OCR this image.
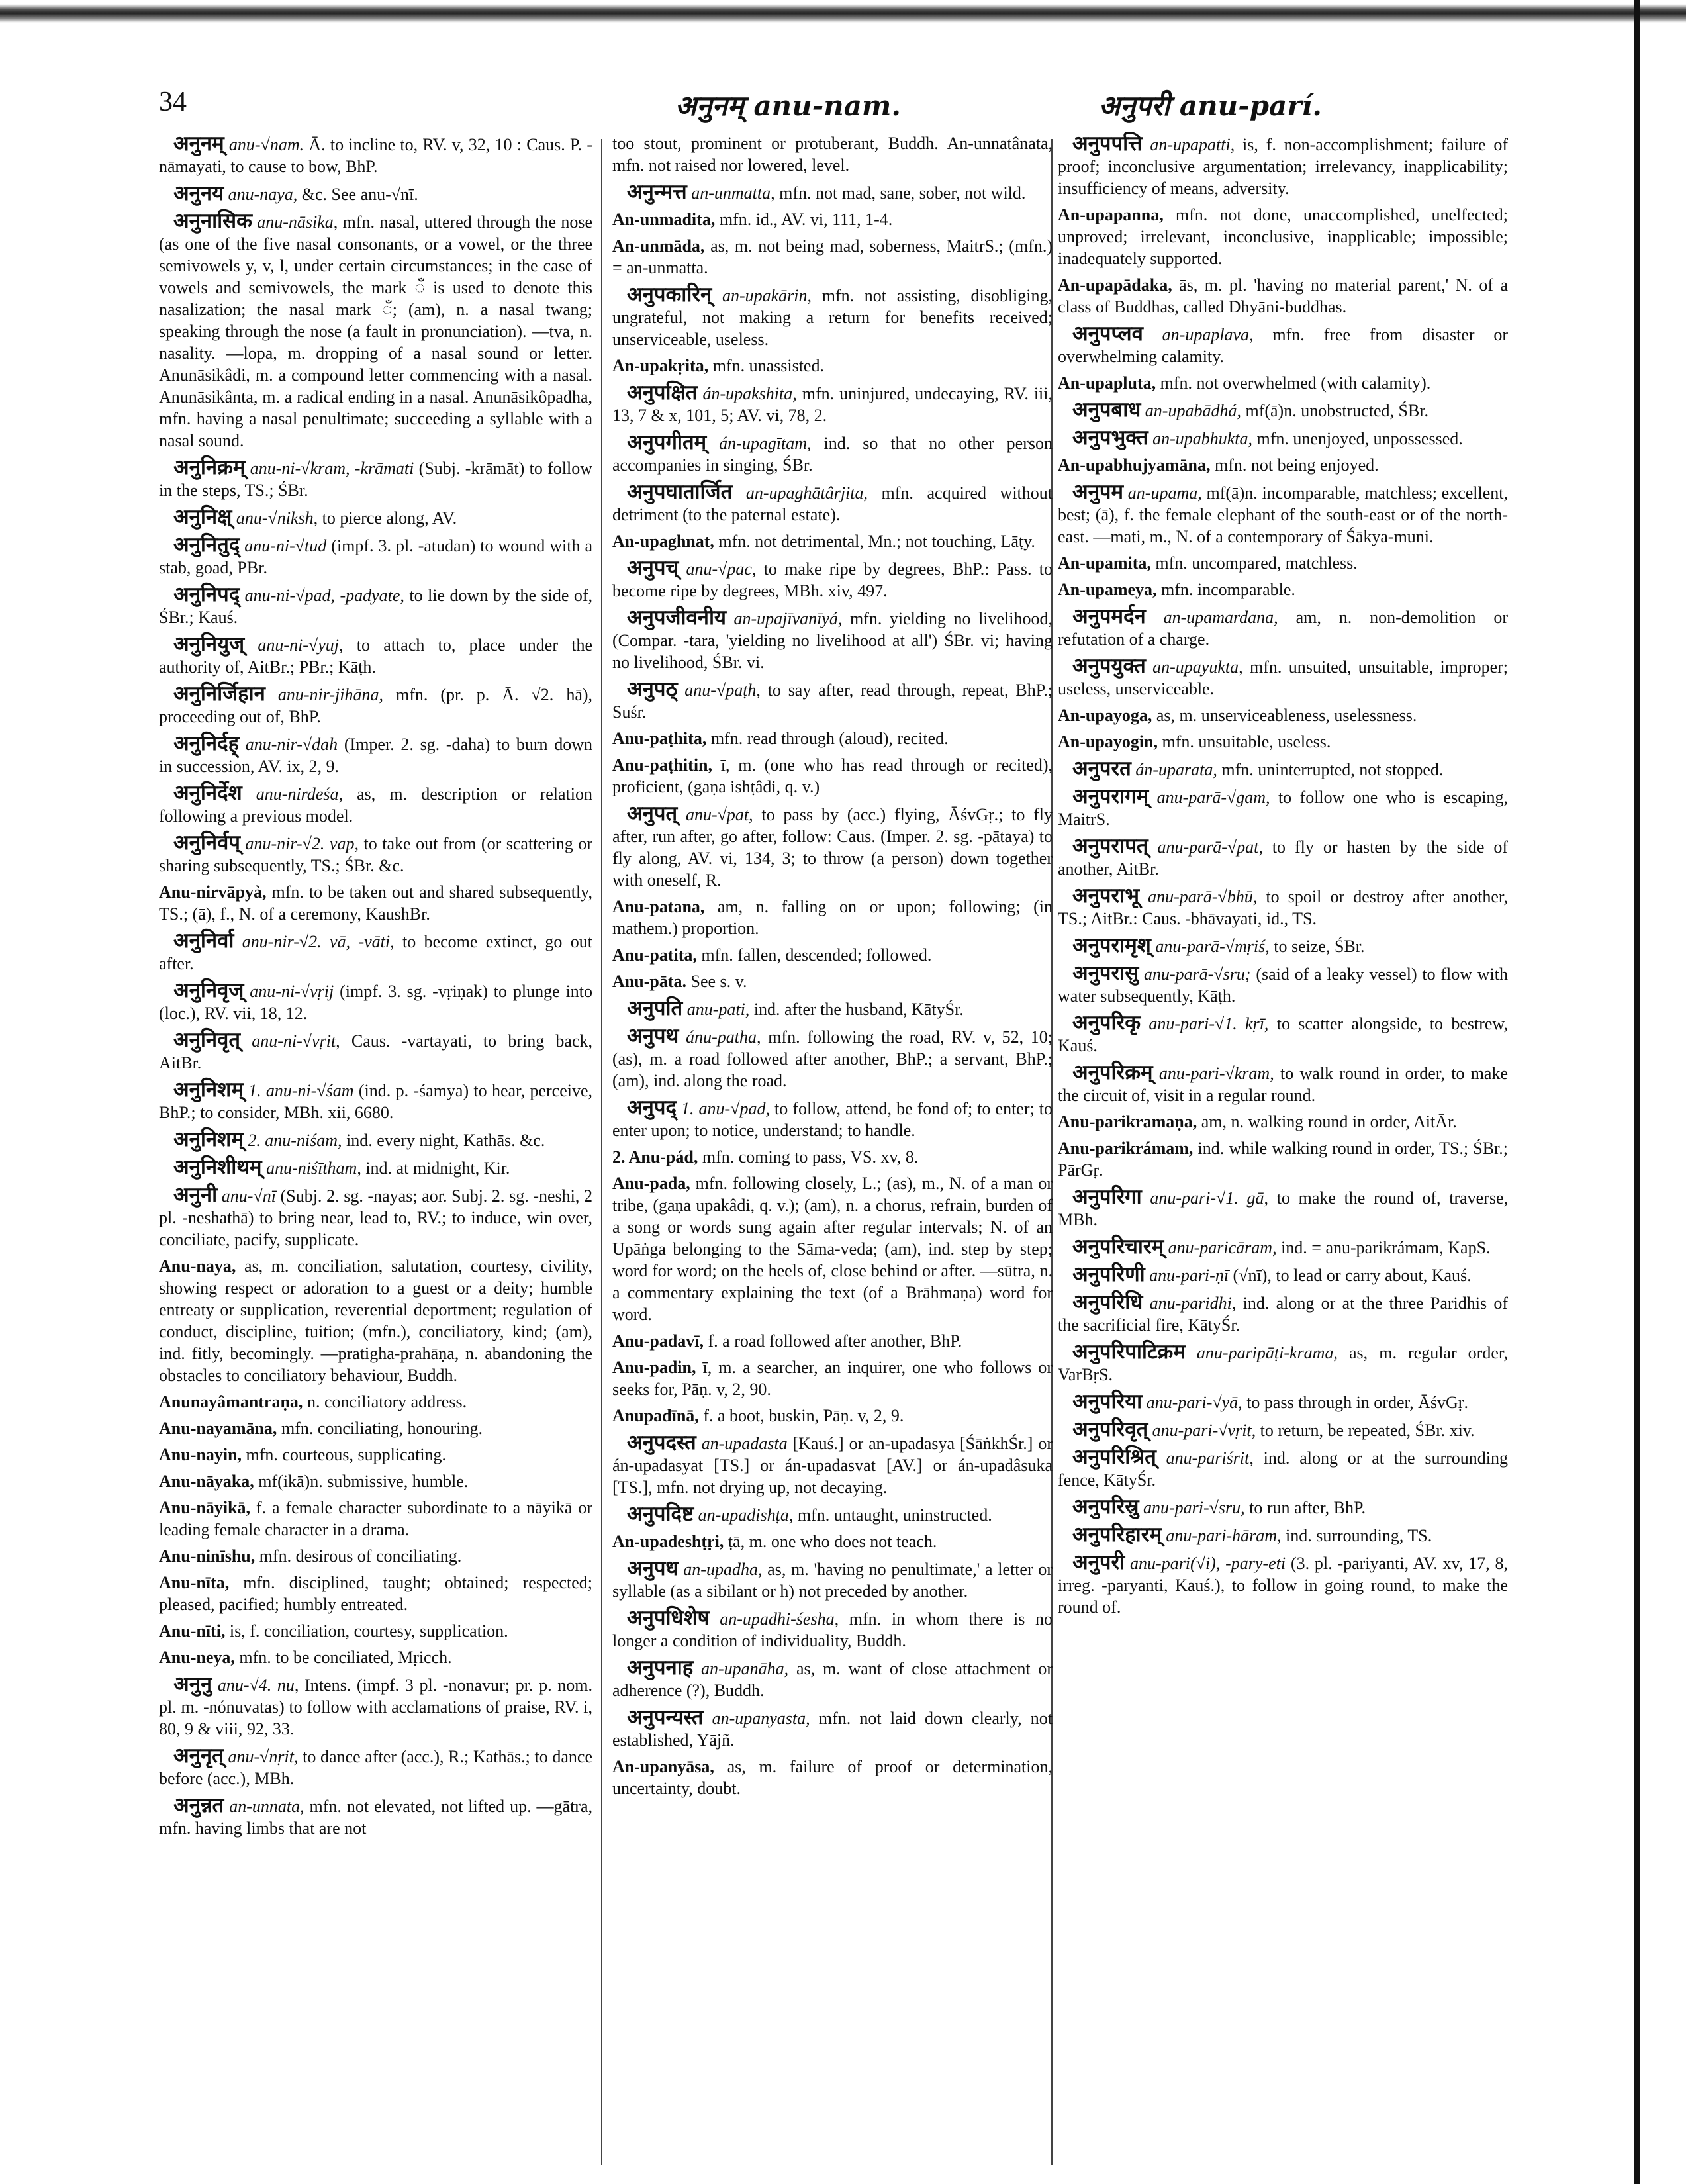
34	अनुनम् anu-nam.	अनुपरी anu-parí.

अनुनम् anu-√nam. Ā. to incline to, RV. v, 32, 10 : Caus. P. -nāmayati, to cause to bow, BhP.

अनुनय anu-naya, &c. See anu-√nī.

अनुनासिक anu-nāsika, mfn. nasal, uttered through the nose (as one of the five nasal consonants, or a vowel, or the three semivowels y, v, l, under certain circumstances; in the case of vowels and semivowels, the mark ँ is used to denote this nasalization; the nasal mark ँ; (am), n. a nasal twang; speaking through the nose (a fault in pronunciation). —tva, n. nasality. —lopa, m. dropping of a nasal sound or letter. Anunāsikâdi, m. a compound letter commencing with a nasal. Anunāsikânta, m. a radical ending in a nasal. Anunāsikôpadha, mfn. having a nasal penultimate; succeeding a syllable with a nasal sound.

अनुनिक्रम् anu-ni-√kram, -krāmati (Subj. -krāmāt) to follow in the steps, TS.; ŚBr.

अनुनिक्ष् anu-√niksh, to pierce along, AV.

अनुनितुद् anu-ni-√tud (impf. 3. pl. -atudan) to wound with a stab, goad, PBr.

अनुनिपद् anu-ni-√pad, -padyate, to lie down by the side of, ŚBr.; Kauś.

अनुनियुज् anu-ni-√yuj, to attach to, place under the authority of, AitBr.; PBr.; Kāṭh.

अनुनिर्जिहान anu-nir-jihāna, mfn. (pr. p. Ā. √2. hā), proceeding out of, BhP.

अनुनिर्दह् anu-nir-√dah (Imper. 2. sg. -daha) to burn down in succession, AV. ix, 2, 9.

अनुनिर्देश anu-nirdeśa, as, m. description or relation following a previous model.

अनुनिर्वप् anu-nir-√2. vap, to take out from (or scattering or sharing subsequently, TS.; ŚBr. &c.

Anu-nirvāpyà, mfn. to be taken out and shared subsequently, TS.; (ā), f., N. of a ceremony, KaushBr.

अनुनिर्वा anu-nir-√2. vā, -vāti, to become extinct, go out after.

अनुनिवृज् anu-ni-√vṛij (impf. 3. sg. -vṛiṇak) to plunge into (loc.), RV. vii, 18, 12.

अनुनिवृत् anu-ni-√vṛit, Caus. -vartayati, to bring back, AitBr.

अनुनिशम् 1. anu-ni-√śam (ind. p. -śamya) to hear, perceive, BhP.; to consider, MBh. xii, 6680.

अनुनिशम् 2. anu-niśam, ind. every night, Kathās. &c.

अनुनिशीथम् anu-niśītham, ind. at midnight, Kir.

अनुनी anu-√nī (Subj. 2. sg. -nayas; aor. Subj. 2. sg. -neshi, 2 pl. -neshathā) to bring near, lead to, RV.; to induce, win over, conciliate, pacify, supplicate.

Anu-naya, as, m. conciliation, salutation, courtesy, civility, showing respect or adoration to a guest or a deity; humble entreaty or supplication, reverential deportment; regulation of conduct, discipline, tuition; (mfn.), conciliatory, kind; (am), ind. fitly, becomingly. —pratigha-prahāṇa, n. abandoning the obstacles to conciliatory behaviour, Buddh.

Anunayâmantraṇa, n. conciliatory address.

Anu-nayamāna, mfn. conciliating, honouring.

Anu-nayin, mfn. courteous, supplicating.

Anu-nāyaka, mf(ikā)n. submissive, humble.

Anu-nāyikā, f. a female character subordinate to a nāyikā or leading female character in a drama.

Anu-ninīshu, mfn. desirous of conciliating.

Anu-nīta, mfn. disciplined, taught; obtained; respected; pleased, pacified; humbly entreated.

Anu-nīti, is, f. conciliation, courtesy, supplication.

Anu-neya, mfn. to be conciliated, Mṛicch.

अनुनु anu-√4. nu, Intens. (impf. 3 pl. -nonavur; pr. p. nom. pl. m. -nónuvatas) to follow with acclamations of praise, RV. i, 80, 9 & viii, 92, 33.

अनुनृत् anu-√nṛit, to dance after (acc.), R.; Kathās.; to dance before (acc.), MBh.

अनुन्नत an-unnata, mfn. not elevated, not lifted up. —gātra, mfn. having limbs that are not

too stout, prominent or protuberant, Buddh. An-unnatânata, mfn. not raised nor lowered, level.

अनुन्मत्त an-unmatta, mfn. not mad, sane, sober, not wild.

An-unmadita, mfn. id., AV. vi, 111, 1-4.

An-unmāda, as, m. not being mad, soberness, MaitrS.; (mfn.) = an-unmatta.

अनुपकारिन् an-upakārin, mfn. not assisting, disobliging, ungrateful, not making a return for benefits received; unserviceable, useless.

An-upakṛita, mfn. unassisted.

अनुपक्षित án-upakshita, mfn. uninjured, undecaying, RV. iii, 13, 7 & x, 101, 5; AV. vi, 78, 2.

अनुपगीतम् án-upagītam, ind. so that no other person accompanies in singing, ŚBr.

अनुपघातार्जित an-upaghātârjita, mfn. acquired without detriment (to the paternal estate).

An-upaghnat, mfn. not detrimental, Mn.; not touching, Lāṭy.

अनुपच् anu-√pac, to make ripe by degrees, BhP.: Pass. to become ripe by degrees, MBh. xiv, 497.

अनुपजीवनीय an-upajīvanīyá, mfn. yielding no livelihood, (Compar. -tara, 'yielding no livelihood at all') ŚBr. vi; having no livelihood, ŚBr. vi.

अनुपठ् anu-√paṭh, to say after, read through, repeat, BhP.; Suśr.

Anu-paṭhita, mfn. read through (aloud), recited.

Anu-paṭhitin, ī, m. (one who has read through or recited), proficient, (gaṇa ishṭâdi, q. v.)

अनुपत् anu-√pat, to pass by (acc.) flying, ĀśvGṛ.; to fly after, run after, go after, follow: Caus. (Imper. 2. sg. -pātaya) to fly along, AV. vi, 134, 3; to throw (a person) down together with oneself, R.

Anu-patana, am, n. falling on or upon; following; (in mathem.) proportion.

Anu-patita, mfn. fallen, descended; followed.

Anu-pāta. See s. v.

अनुपति anu-pati, ind. after the husband, KātyŚr.

अनुपथ ánu-patha, mfn. following the road, RV. v, 52, 10; (as), m. a road followed after another, BhP.; a servant, BhP.; (am), ind. along the road.

अनुपद् 1. anu-√pad, to follow, attend, be fond of; to enter; to enter upon; to notice, understand; to handle.

2. Anu-pád, mfn. coming to pass, VS. xv, 8.

Anu-pada, mfn. following closely, L.; (as), m., N. of a man or tribe, (gaṇa upakâdi, q. v.); (am), n. a chorus, refrain, burden of a song or words sung again after regular intervals; N. of an Upāṅga belonging to the Sāma-veda; (am), ind. step by step; word for word; on the heels of, close behind or after. —sūtra, n. a commentary explaining the text (of a Brāhmaṇa) word for word.

Anu-padavī, f. a road followed after another, BhP.

Anu-padin, ī, m. a searcher, an inquirer, one who follows or seeks for, Pāṇ. v, 2, 90.

Anupadīnā, f. a boot, buskin, Pāṇ. v, 2, 9.

अनुपदस्त an-upadasta [Kauś.] or an-upadasya [ŚāṅkhŚr.] or án-upadasyat [TS.] or án-upadasvat [AV.] or án-upadâsuka [TS.], mfn. not drying up, not decaying.

अनुपदिष्ट an-upadishṭa, mfn. untaught, uninstructed.

An-upadeshṭṛi, ṭā, m. one who does not teach.

अनुपध an-upadha, as, m. 'having no penultimate,' a letter or syllable (as a sibilant or h) not preceded by another.

अनुपधिशेष an-upadhi-śesha, mfn. in whom there is no longer a condition of individuality, Buddh.

अनुपनाह an-upanāha, as, m. want of close attachment or adherence (?), Buddh.

अनुपन्यस्त an-upanyasta, mfn. not laid down clearly, not established, Yājñ.

An-upanyāsa, as, m. failure of proof or determination, uncertainty, doubt.

अनुपपत्ति an-upapatti, is, f. non-accomplishment; failure of proof; inconclusive argumentation; irrelevancy, inapplicability; insufficiency of means, adversity.

An-upapanna, mfn. not done, unaccomplished, unelfected; unproved; irrelevant, inconclusive, inapplicable; impossible; inadequately supported.

An-upapādaka, ās, m. pl. 'having no material parent,' N. of a class of Buddhas, called Dhyāni-buddhas.

अनुपप्लव an-upaplava, mfn. free from disaster or overwhelming calamity.

An-upapluta, mfn. not overwhelmed (with calamity).

अनुपबाध an-upabādhá, mf(ā)n. unobstructed, ŚBr.

अनुपभुक्त an-upabhukta, mfn. unenjoyed, unpossessed.

An-upabhujyamāna, mfn. not being enjoyed.

अनुपम an-upama, mf(ā)n. incomparable, matchless; excellent, best; (ā), f. the female elephant of the south-east or of the north-east. —mati, m., N. of a contemporary of Śākya-muni.

An-upamita, mfn. uncompared, matchless.

An-upameya, mfn. incomparable.

अनुपमर्दन an-upamardana, am, n. non-demolition or refutation of a charge.

अनुपयुक्त an-upayukta, mfn. unsuited, unsuitable, improper; useless, unserviceable.

An-upayoga, as, m. unserviceableness, uselessness.

An-upayogin, mfn. unsuitable, useless.

अनुपरत án-uparata, mfn. uninterrupted, not stopped.

अनुपरागम् anu-parā-√gam, to follow one who is escaping, MaitrS.

अनुपरापत् anu-parā-√pat, to fly or hasten by the side of another, AitBr.

अनुपराभू anu-parā-√bhū, to spoil or destroy after another, TS.; AitBr.: Caus. -bhāvayati, id., TS.

अनुपरामृश् anu-parā-√mṛiś, to seize, ŚBr.

अनुपरासु anu-parā-√sru; (said of a leaky vessel) to flow with water subsequently, Kāṭh.

अनुपरिकृ anu-pari-√1. kṛī, to scatter alongside, to bestrew, Kauś.

अनुपरिक्रम् anu-pari-√kram, to walk round in order, to make the circuit of, visit in a regular round.

Anu-parikramaṇa, am, n. walking round in order, AitĀr.

Anu-parikrámam, ind. while walking round in order, TS.; ŚBr.; PārGṛ.

अनुपरिगा anu-pari-√1. gā, to make the round of, traverse, MBh.

अनुपरिचारम् anu-paricāram, ind. = anu-parikrámam, KapS.

अनुपरिणी anu-pari-ṇī (√nī), to lead or carry about, Kauś.

अनुपरिधि anu-paridhi, ind. along or at the three Paridhis of the sacrificial fire, KātyŚr.

अनुपरिपाटिक्रम anu-paripāṭi-krama, as, m. regular order, VarBṛS.

अनुपरिया anu-pari-√yā, to pass through in order, ĀśvGṛ.

अनुपरिवृत् anu-pari-√vṛit, to return, be repeated, ŚBr. xiv.

अनुपरिश्रित् anu-pariśrit, ind. along or at the surrounding fence, KātyŚr.

अनुपरिस्रु anu-pari-√sru, to run after, BhP.

अनुपरिहारम् anu-pari-hāram, ind. surrounding, TS.

अनुपरी anu-pari(√i), -pary-eti (3. pl. -pariyanti, AV. xv, 17, 8, irreg. -paryanti, Kauś.), to follow in going round, to make the round of.
